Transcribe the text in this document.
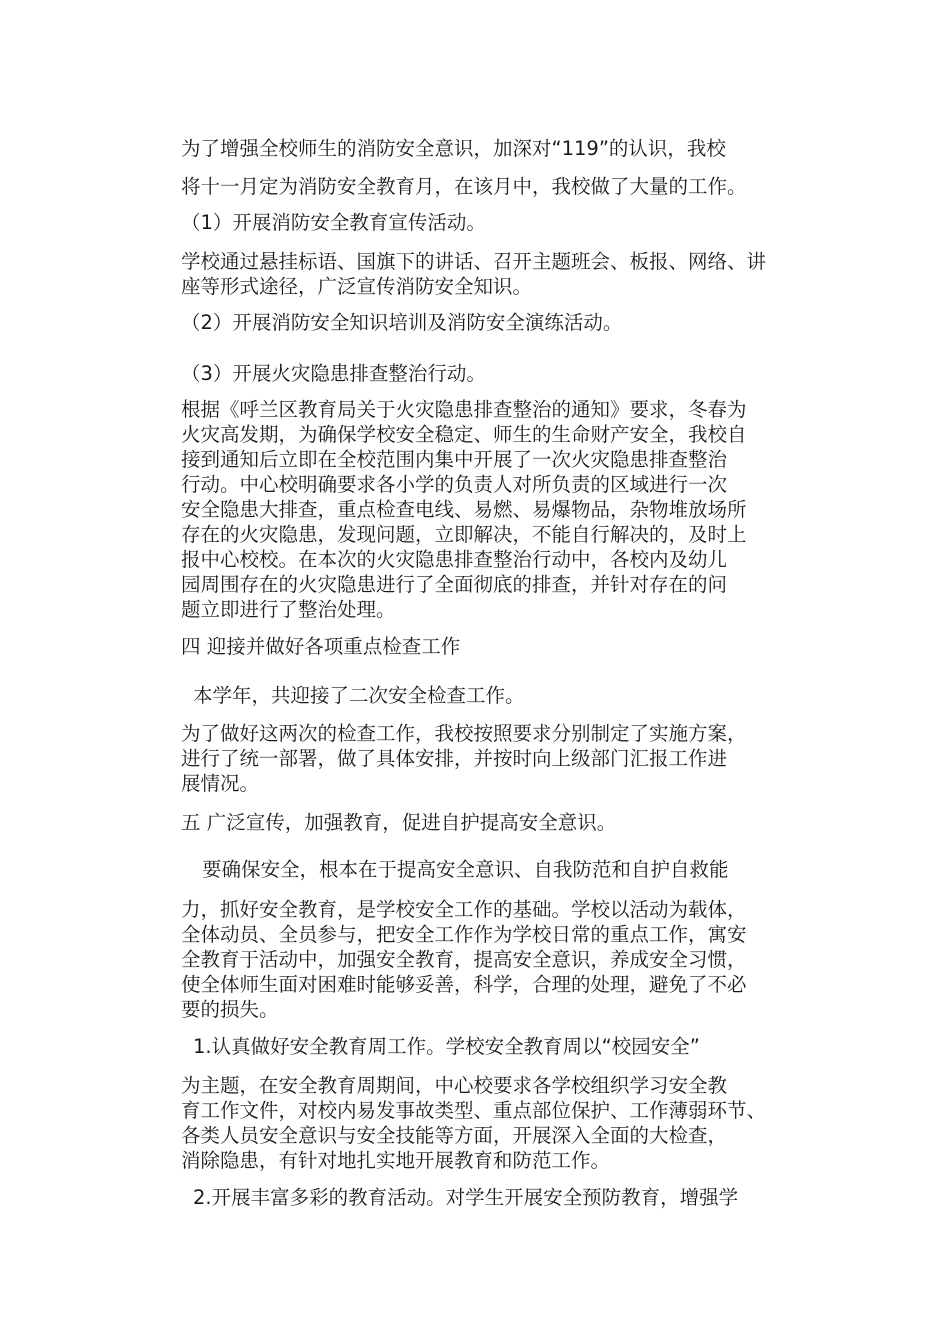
为了增强全校师生的消防安全意识，加深对“119”的认识，我校
将十一月定为消防安全教育月，在该月中，我校做了大量的工作。
（1）开展消防安全教育宣传活动。
学校通过悬挂标语、国旗下的讲话、召开主题班会、板报、网络、讲
座等形式途径，广泛宣传消防安全知识。
（2）开展消防安全知识培训及消防安全演练活动。
（3）开展火灾隐患排查整治行动。
根据《呼兰区教育局关于火灾隐患排查整治的通知》要求，冬春为
火灾高发期，为确保学校安全稳定、师生的生命财产安全，我校自
接到通知后立即在全校范围内集中开展了一次火灾隐患排查整治
行动。中心校明确要求各小学的负责人对所负责的区域进行一次
安全隐患大排查，重点检查电线、易燃、易爆物品，杂物堆放场所
存在的火灾隐患，发现问题，立即解决，不能自行解决的，及时上
报中心校校。在本次的火灾隐患排查整治行动中，各校内及幼儿
园周围存在的火灾隐患进行了全面彻底的排查，并针对存在的问
题立即进行了整治处理。
四 迎接并做好各项重点检查工作
本学年，共迎接了二次安全检查工作。
为了做好这两次的检查工作，我校按照要求分别制定了实施方案，
进行了统一部署，做了具体安排，并按时向上级部门汇报工作进
展情况。
五 广泛宣传，加强教育，促进自护提高安全意识。
要确保安全，根本在于提高安全意识、自我防范和自护自救能
力，抓好安全教育，是学校安全工作的基础。学校以活动为载体，
全体动员、全员参与，把安全工作作为学校日常的重点工作，寓安
全教育于活动中，加强安全教育，提高安全意识，养成安全习惯，
使全体师生面对困难时能够妥善，科学，合理的处理，避免了不必
要的损失。
1.认真做好安全教育周工作。学校安全教育周以“校园安全”
为主题，在安全教育周期间，中心校要求各学校组织学习安全教
育工作文件，对校内易发事故类型、重点部位保护、工作薄弱环节、
各类人员安全意识与安全技能等方面，开展深入全面的大检查，
消除隐患，有针对地扎实地开展教育和防范工作。
2.开展丰富多彩的教育活动。对学生开展安全预防教育，增强学
